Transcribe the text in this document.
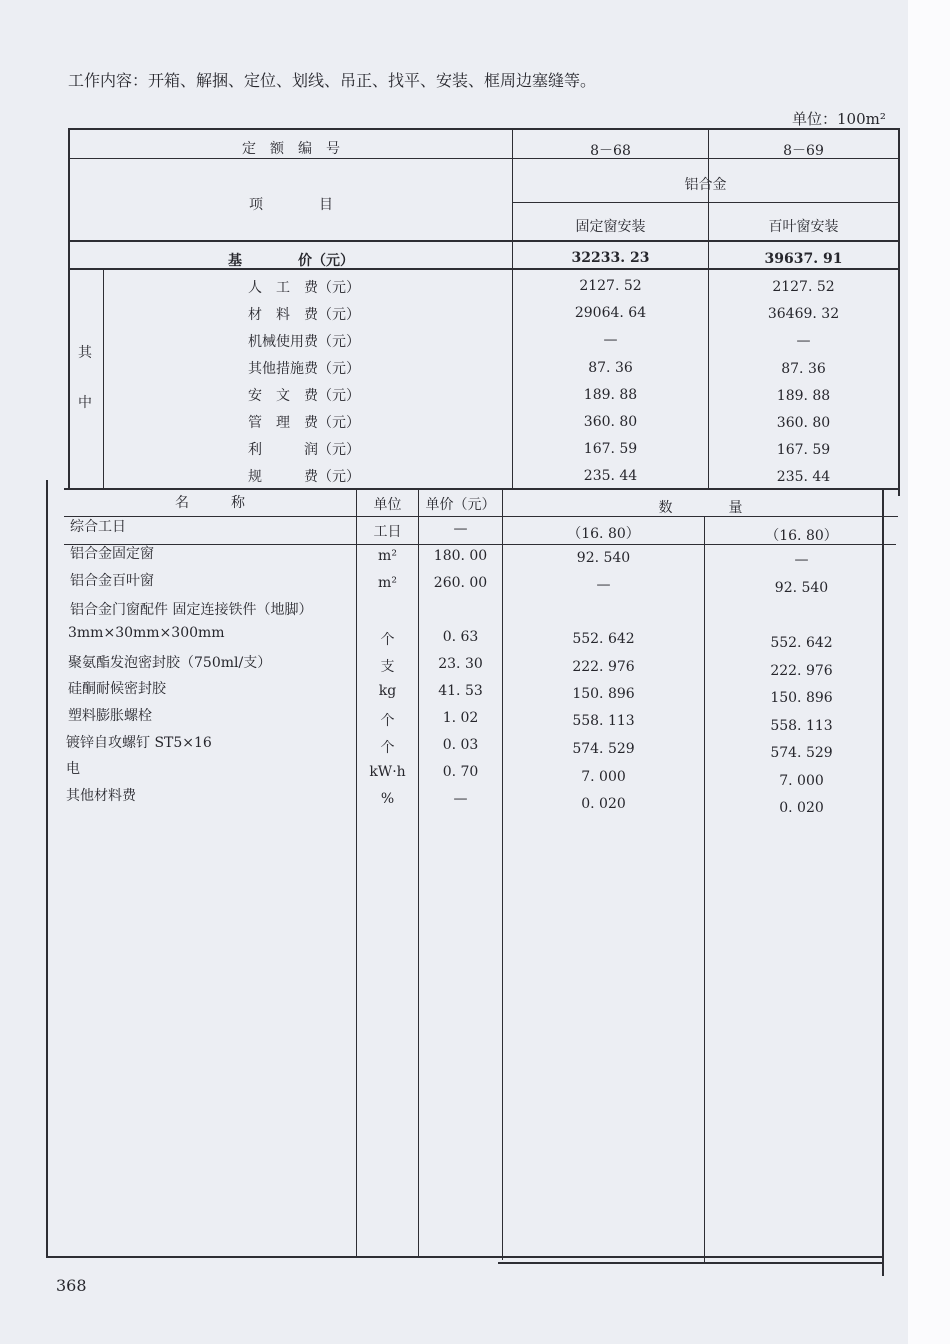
工作内容：开箱、解捆、定位、划线、吊正、找平、安装、框周边塞缝等。
单位：100m²
定　额　编　号	8－68	8－69
项　　　　目
铝合金
固定窗安装	百叶窗安装
基　　　　价（元）	32233. 23	39637. 91
其
中
人　工　费（元）	2127. 52	2127. 52
材　料　费（元）	29064. 64	36469. 32
机械使用费（元）	—	—
其他措施费（元）	87. 36	87. 36
安　文　费（元）	189. 88	189. 88
管　理　费（元）	360. 80	360. 80
利　　　润（元）	167. 59	167. 59
规　　　费（元）	235. 44	235. 44
名　　　称	单位	单价（元）	数　　　　量
综合工日	工日	—	（16. 80）	（16. 80）
铝合金固定窗	m²	180. 00	92. 540	—
铝合金百叶窗	m²	260. 00	—	92. 540
铝合金门窗配件 固定连接铁件（地脚）
3mm×30mm×300mm	个	0. 63	552. 642	552. 642
聚氨酯发泡密封胶（750ml/支）	支	23. 30	222. 976	222. 976
硅酮耐候密封胶	kg	41. 53	150. 896	150. 896
塑料膨胀螺栓	个	1. 02	558. 113	558. 113
镀锌自攻螺钉 ST5×16	个	0. 03	574. 529	574. 529
电	kW·h	0. 70	7. 000	7. 000
其他材料费	%	—	0. 020	0. 020
368
